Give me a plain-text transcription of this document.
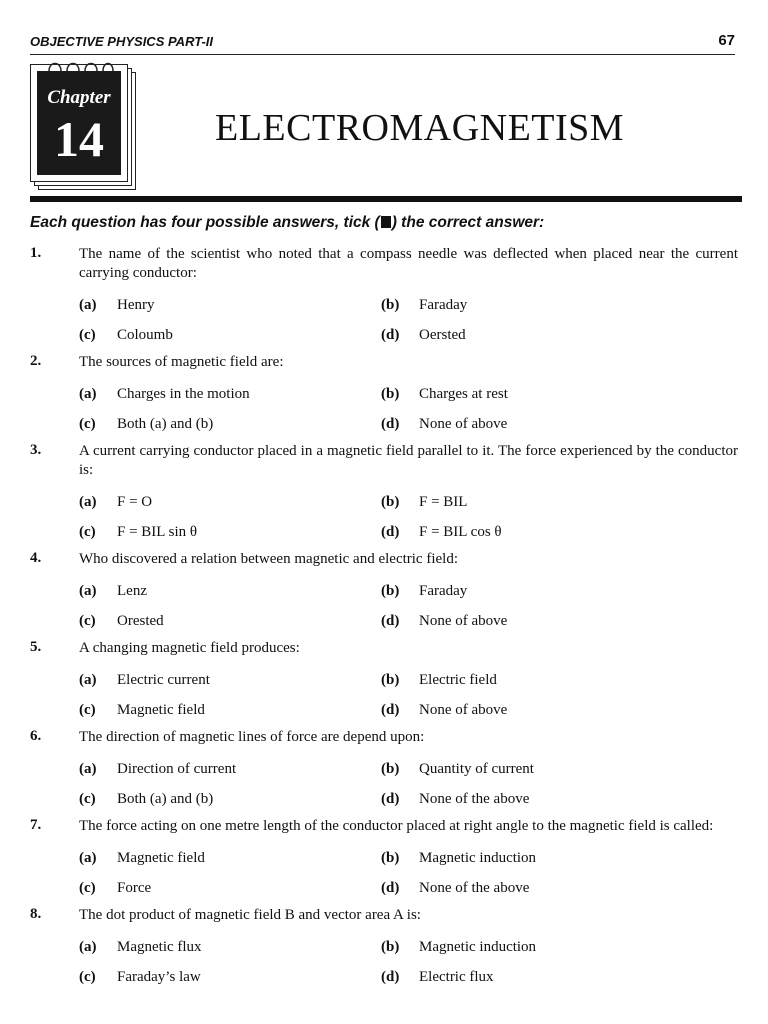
OBJECTIVE PHYSICS PART-II	67
Chapter
14	ELECTROMAGNETISM
Each question has four possible answers, tick ( ) the correct answer:
1.	The name of the scientist who noted that a compass needle was deflected when placed near the current carrying conductor:
(a)	Henry	(b)	Faraday
(c)	Coloumb	(d)	Oersted
2.	The sources of magnetic field are:
(a)	Charges in the motion	(b)	Charges at rest
(c)	Both (a) and (b)	(d)	None of above
3.	A current carrying conductor placed in a magnetic field parallel to it. The force experienced by the conductor is:
(a)	F = O	(b)	F = BIL
(c)	F = BIL sin θ	(d)	F = BIL cos θ
4.	Who discovered a relation between magnetic and electric field:
(a)	Lenz	(b)	Faraday
(c)	Orested	(d)	None of above
5.	A changing magnetic field produces:
(a)	Electric current	(b)	Electric field
(c)	Magnetic field	(d)	None of above
6.	The direction of magnetic lines of force are depend upon:
(a)	Direction of current	(b)	Quantity of current
(c)	Both (a) and (b)	(d)	None of the above
7.	The force acting on one metre length of the conductor placed at right angle to the magnetic field is called:
(a)	Magnetic field	(b)	Magnetic induction
(c)	Force	(d)	None of the above
8.	The dot product of magnetic field B and vector area A is:
(a)	Magnetic flux	(b)	Magnetic induction
(c)	Faraday’s law	(d)	Electric flux
